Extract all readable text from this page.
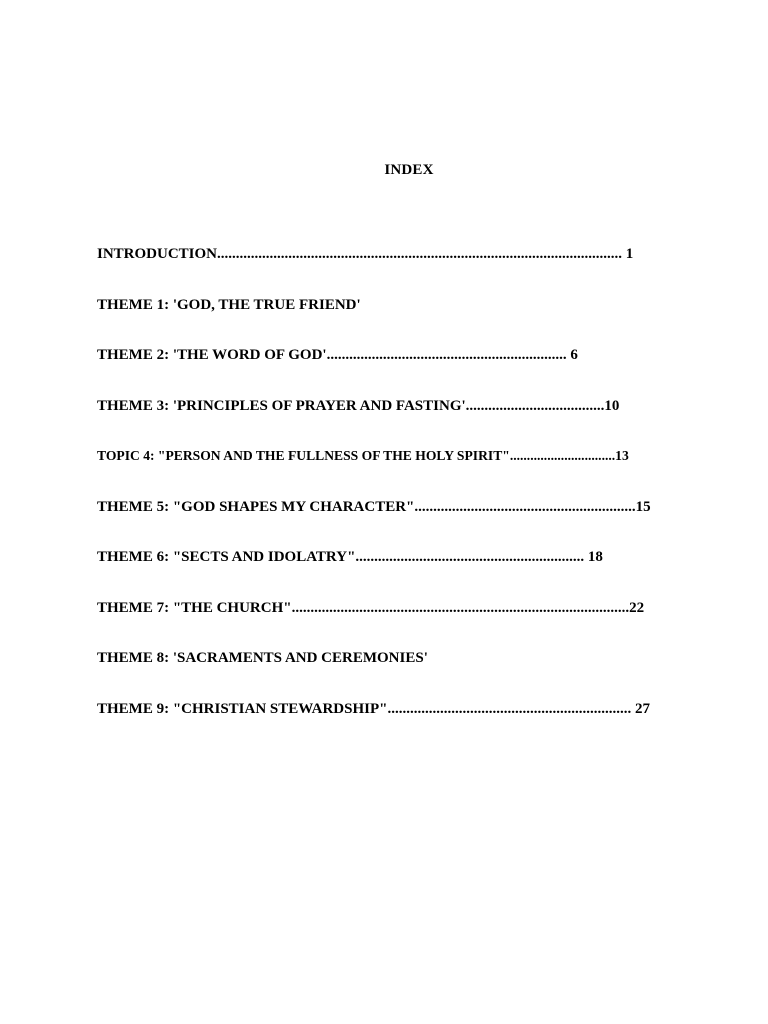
INDEX
INTRODUCTION............................................................................................................ 1
THEME 1: 'GOD, THE TRUE FRIEND'
THEME 2: 'THE WORD OF GOD'................................................................ 6
THEME 3: 'PRINCIPLES OF PRAYER AND FASTING'.....................................10
TOPIC 4: "PERSON AND THE FULLNESS OF THE HOLY SPIRIT"...............................13
THEME 5: "GOD SHAPES MY CHARACTER"...........................................................15
THEME 6: "SECTS AND IDOLATRY"............................................................. 18
THEME 7: "THE CHURCH"..........................................................................................22
THEME 8: 'SACRAMENTS AND CEREMONIES'
THEME 9: "CHRISTIAN STEWARDSHIP"................................................................. 27
